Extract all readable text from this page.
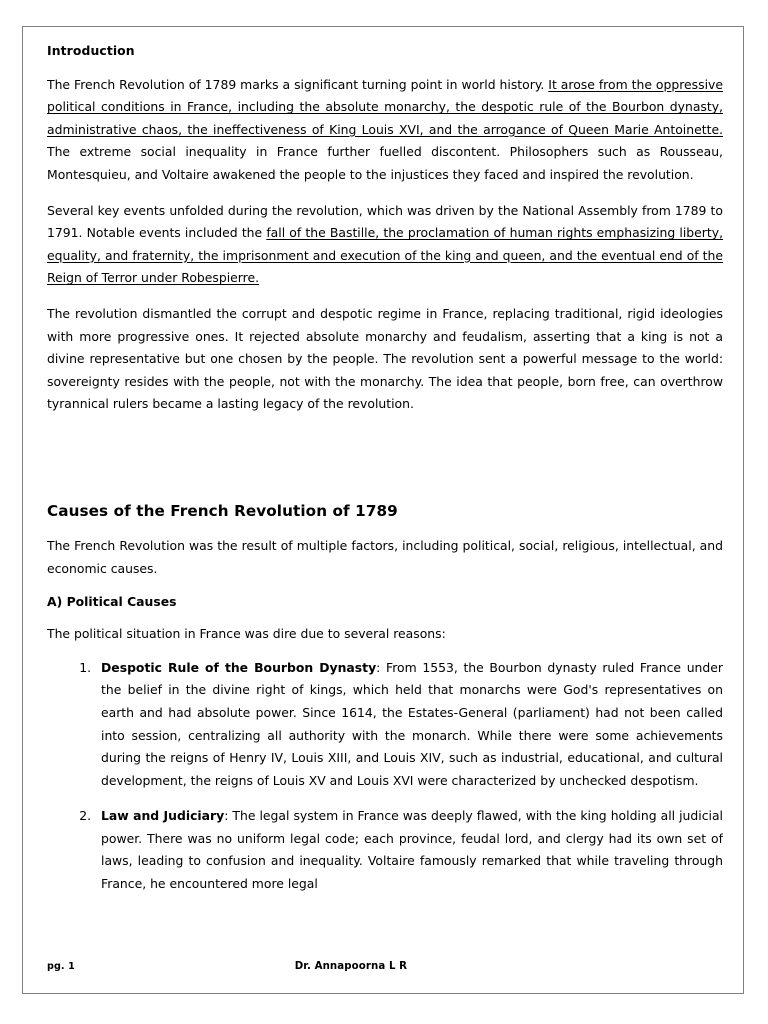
Introduction

The French Revolution of 1789 marks a significant turning point in world history. It arose from the oppressive political conditions in France, including the absolute monarchy, the despotic rule of the Bourbon dynasty, administrative chaos, the ineffectiveness of King Louis XVI, and the arrogance of Queen Marie Antoinette. The extreme social inequality in France further fuelled discontent. Philosophers such as Rousseau, Montesquieu, and Voltaire awakened the people to the injustices they faced and inspired the revolution.

Several key events unfolded during the revolution, which was driven by the National Assembly from 1789 to 1791. Notable events included the fall of the Bastille, the proclamation of human rights emphasizing liberty, equality, and fraternity, the imprisonment and execution of the king and queen, and the eventual end of the Reign of Terror under Robespierre.

The revolution dismantled the corrupt and despotic regime in France, replacing traditional, rigid ideologies with more progressive ones. It rejected absolute monarchy and feudalism, asserting that a king is not a divine representative but one chosen by the people. The revolution sent a powerful message to the world: sovereignty resides with the people, not with the monarchy. The idea that people, born free, can overthrow tyrannical rulers became a lasting legacy of the revolution.

Causes of the French Revolution of 1789

The French Revolution was the result of multiple factors, including political, social, religious, intellectual, and economic causes.

A) Political Causes

The political situation in France was dire due to several reasons:

1. Despotic Rule of the Bourbon Dynasty: From 1553, the Bourbon dynasty ruled France under the belief in the divine right of kings, which held that monarchs were God's representatives on earth and had absolute power. Since 1614, the Estates-General (parliament) had not been called into session, centralizing all authority with the monarch. While there were some achievements during the reigns of Henry IV, Louis XIII, and Louis XIV, such as industrial, educational, and cultural development, the reigns of Louis XV and Louis XVI were characterized by unchecked despotism.
2. Law and Judiciary: The legal system in France was deeply flawed, with the king holding all judicial power. There was no uniform legal code; each province, feudal lord, and clergy had its own set of laws, leading to confusion and inequality. Voltaire famously remarked that while traveling through France, he encountered more legal
pg. 1	Dr. Annapoorna L R
